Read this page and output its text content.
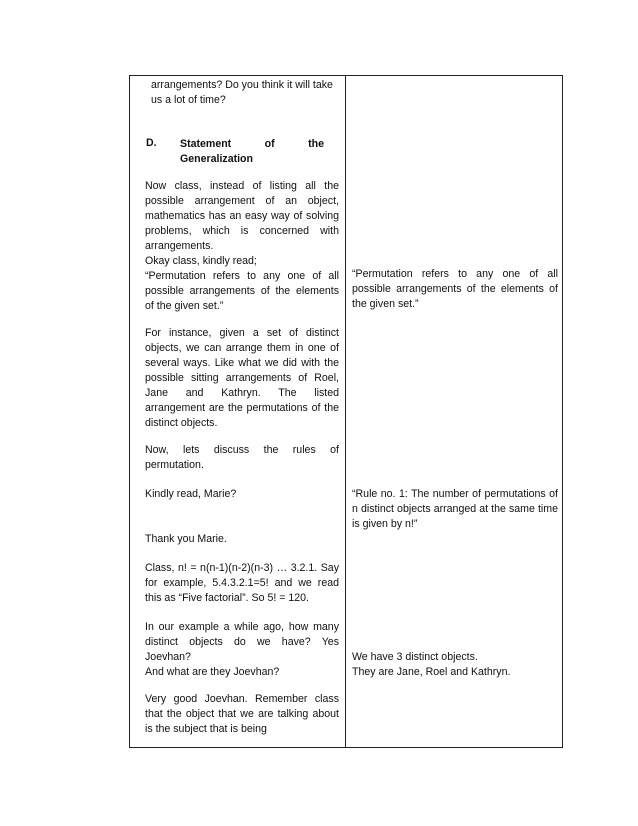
arrangements? Do you think it will take us a lot of time?

D. Statement of the
Generalization

Now class, instead of listing all the possible arrangement of an object, mathematics has an easy way of solving problems, which is concerned with arrangements.

Okay class, kindly read;

“Permutation refers to any one of all possible arrangements of the elements of the given set.”

For instance, given a set of distinct objects, we can arrange them in one of several ways. Like what we did with the possible sitting arrangements of Roel, Jane and Kathryn. The listed arrangement are the permutations of the distinct objects.

Now, lets discuss the rules of permutation.

Kindly read, Marie?

Thank you Marie.

Class, n! = n(n-1)(n-2)(n-3) … 3.2.1. Say for example, 5.4.3.2.1=5! and we read this as “Five factorial”. So 5! = 120.

In our example a while ago, how many distinct objects do we have? Yes Joevhan?

And what are they Joevhan?

Very good Joevhan. Remember class that the object that we are talking about is the subject that is being

“Permutation refers to any one of all possible arrangements of the elements of the given set.”

“Rule no. 1: The number of permutations of n distinct objects arranged at the same time is given by n!”

We have 3 distinct objects.

They are Jane, Roel and Kathryn.
